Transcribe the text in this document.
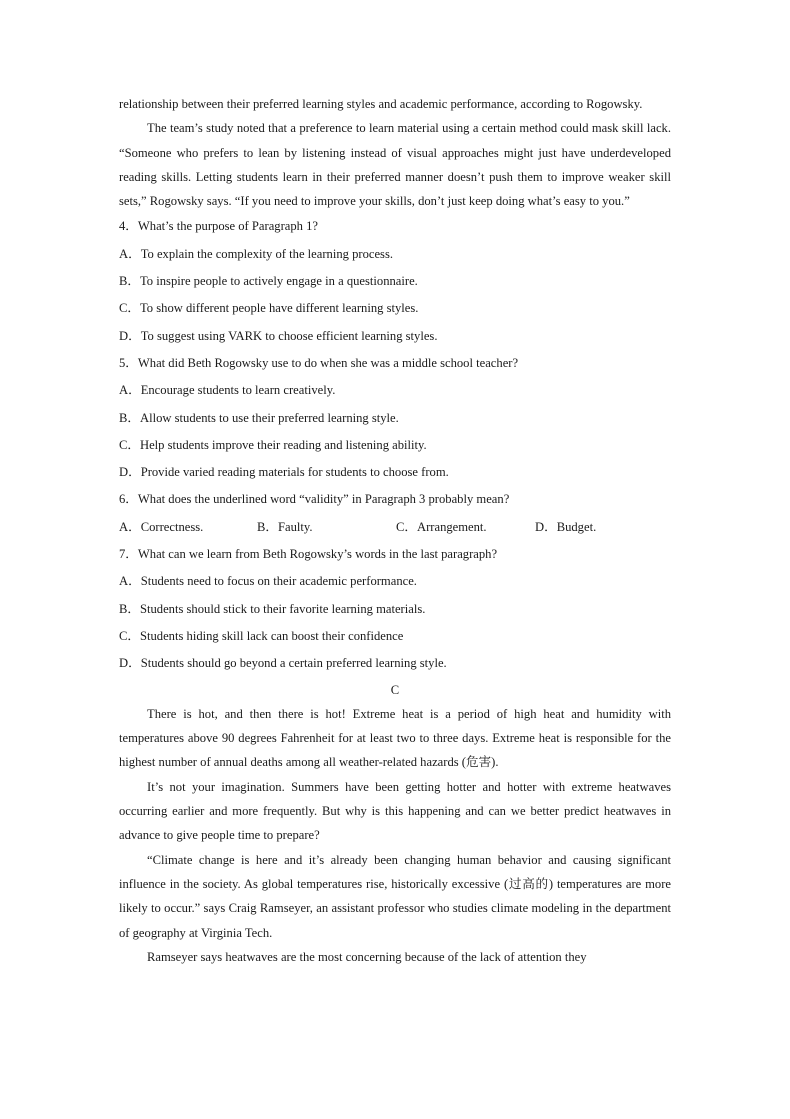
relationship between their preferred learning styles and academic performance, according to Rogowsky.

The team’s study noted that a preference to learn material using a certain method could mask skill lack. “Someone who prefers to lean by listening instead of visual approaches might just have underdeveloped reading skills. Letting students learn in their preferred manner doesn’t push them to improve weaker skill sets,” Rogowsky says. “If you need to improve your skills, don’t just keep doing what’s easy to you.”

4．What’s the purpose of Paragraph 1?
A．To explain the complexity of the learning process.
B．To inspire people to actively engage in a questionnaire.
C．To show different people have different learning styles.
D．To suggest using VARK to choose efficient learning styles.
5．What did Beth Rogowsky use to do when she was a middle school teacher?
A．Encourage students to learn creatively.
B．Allow students to use their preferred learning style.
C．Help students improve their reading and listening ability.
D．Provide varied reading materials for students to choose from.
6．What does the underlined word “validity” in Paragraph 3 probably mean?
A．Correctness.	B．Faulty.	C．Arrangement.	D．Budget.
7．What can we learn from Beth Rogowsky’s words in the last paragraph?
A．Students need to focus on their academic performance.
B．Students should stick to their favorite learning materials.
C．Students hiding skill lack can boost their confidence
D．Students should go beyond a certain preferred learning style.
C

There is hot, and then there is hot! Extreme heat is a period of high heat and humidity with temperatures above 90 degrees Fahrenheit for at least two to three days. Extreme heat is responsible for the highest number of annual deaths among all weather-related hazards (危害).

It’s not your imagination. Summers have been getting hotter and hotter with extreme heatwaves occurring earlier and more frequently. But why is this happening and can we better predict heatwaves in advance to give people time to prepare?

“Climate change is here and it’s already been changing human behavior and causing significant influence in the society. As global temperatures rise, historically excessive (过高的) temperatures are more likely to occur.” says Craig Ramseyer, an assistant professor who studies climate modeling in the department of geography at Virginia Tech.

Ramseyer says heatwaves are the most concerning because of the lack of attention they
